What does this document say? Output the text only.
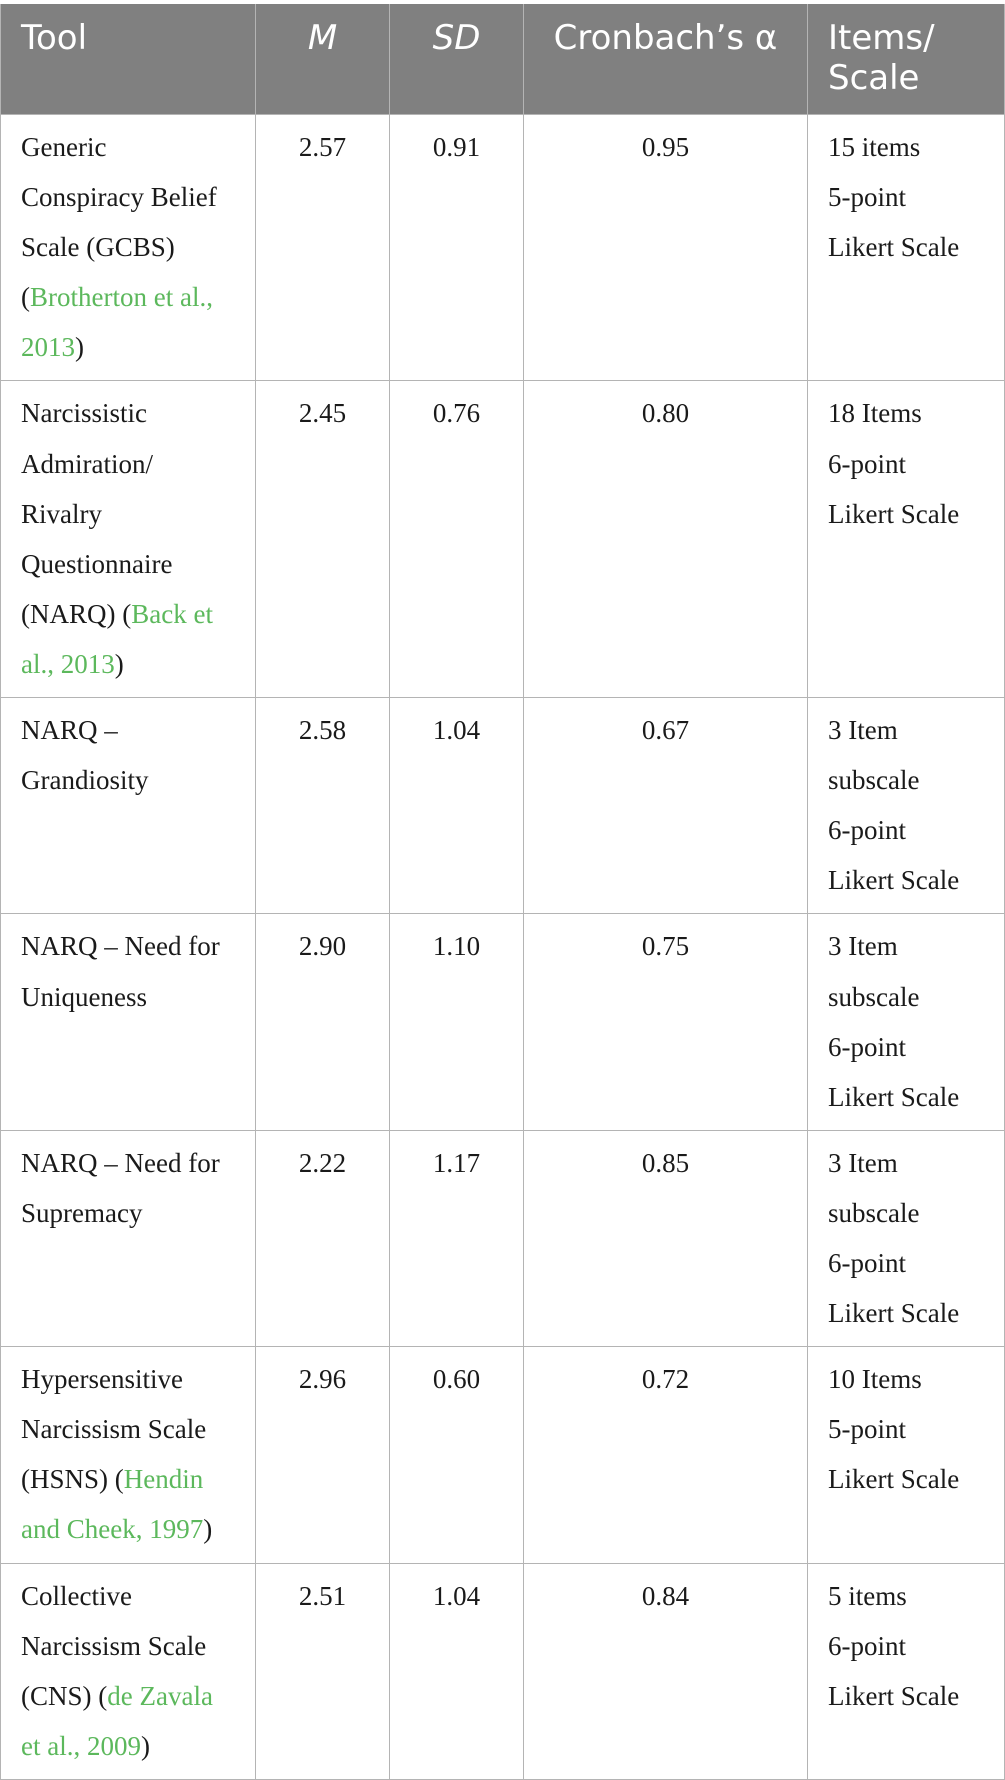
Tool	M	SD	Cronbach’s α	Items/
Scale

Generic Conspiracy Belief Scale (GCBS) (Brotherton et al., 2013)	2.57	0.91	0.95	15 items
5-point
Likert Scale

Narcissistic Admiration/ Rivalry Questionnaire (NARQ) (Back et al., 2013)	2.45	0.76	0.80	18 Items
6-point
Likert Scale

NARQ – Grandiosity	2.58	1.04	0.67	3 Item
subscale
6-point
Likert Scale

NARQ – Need for Uniqueness	2.90	1.10	0.75	3 Item
subscale
6-point
Likert Scale

NARQ – Need for Supremacy	2.22	1.17	0.85	3 Item
subscale
6-point
Likert Scale

Hypersensitive Narcissism Scale (HSNS) (Hendin and Cheek, 1997)	2.96	0.60	0.72	10 Items
5-point
Likert Scale

Collective Narcissism Scale (CNS) (de Zavala et al., 2009)	2.51	1.04	0.84	5 items
6-point
Likert Scale
